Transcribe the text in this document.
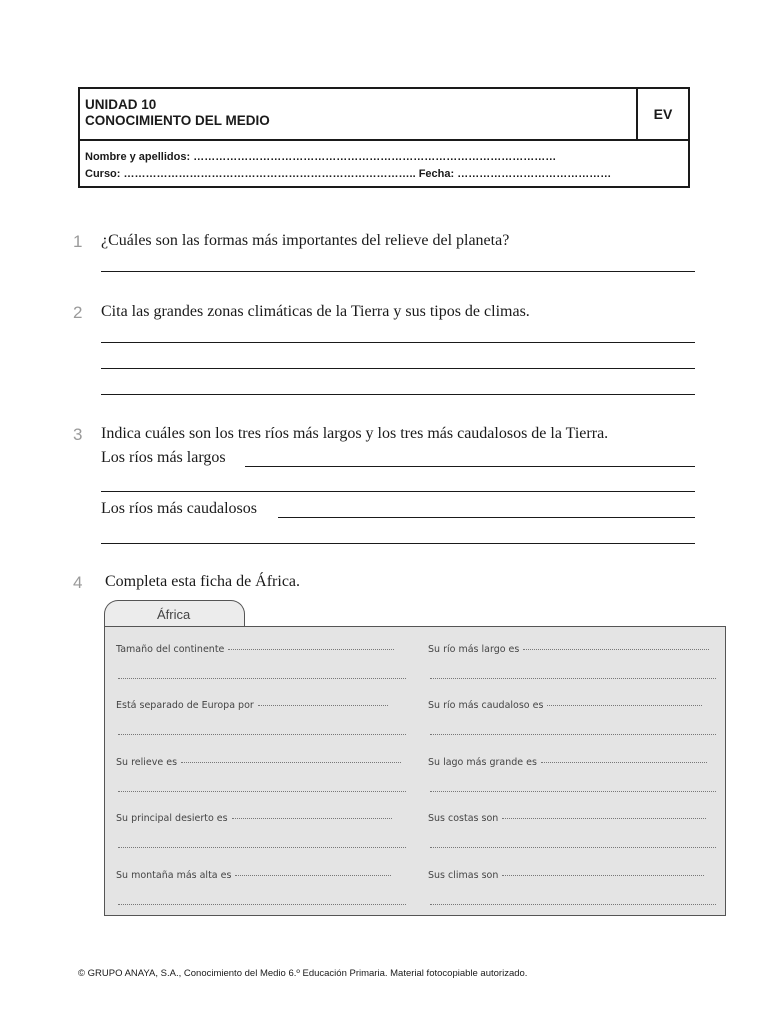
UNIDAD 10
CONOCIMIENTO DEL MEDIO	EV
Nombre y apellidos: ………………………………………………………………………………………
Curso: …………………………………………………………………….. Fecha: ……………………………………
1 ¿Cuáles son las formas más importantes del relieve del planeta?
2 Cita las grandes zonas climáticas de la Tierra y sus tipos de climas.
3 Indica cuáles son los tres ríos más largos y los tres más caudalosos de la Tierra.
Los ríos más largos
Los ríos más caudalosos
4 Completa esta ficha de África.
África
Tamaño del continente
Está separado de Europa por
Su relieve es
Su principal desierto es
Su montaña más alta es
Su río más largo es
Su río más caudaloso es
Su lago más grande es
Sus costas son
Sus climas son
© GRUPO ANAYA, S.A., Conocimiento del Medio 6.º Educación Primaria. Material fotocopiable autorizado.
